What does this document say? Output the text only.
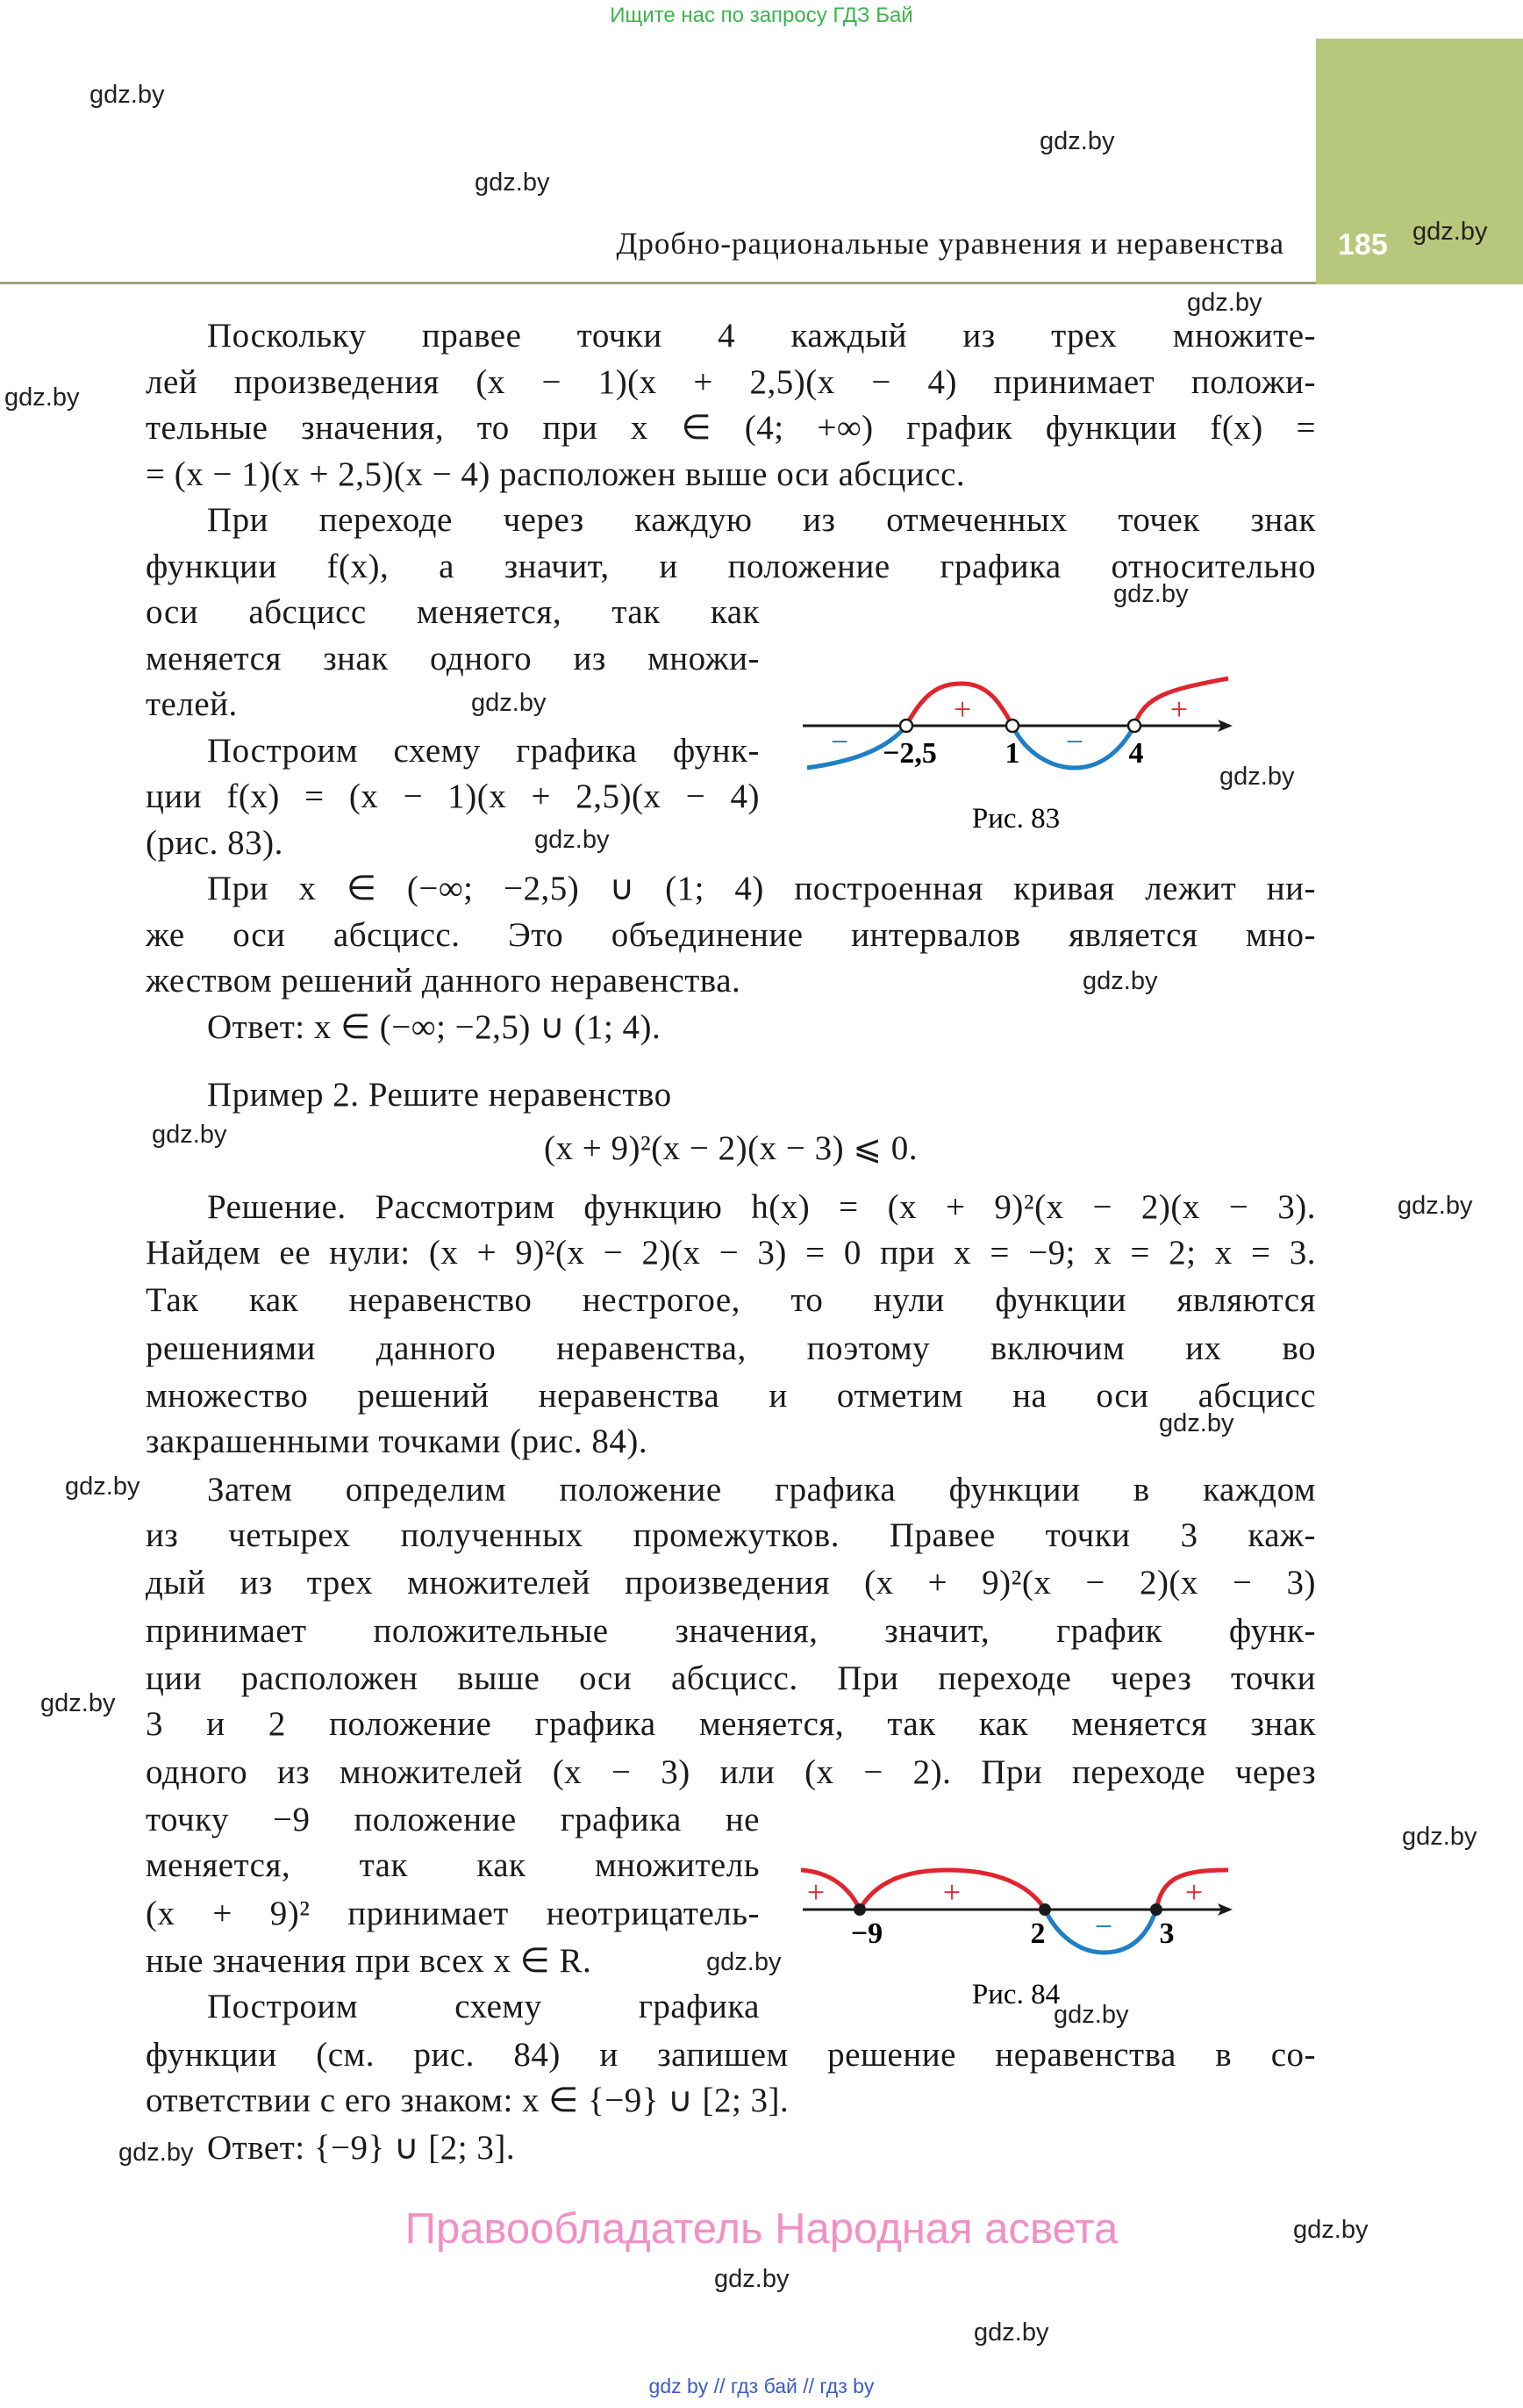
Ищите нас по запросу ГДЗ Бай
185
Дробно-рациональные уравнения и неравенства
Поскольку правее точки 4 каждый из трех множите-
лей произведения (x − 1)(x + 2,5)(x − 4) принимает положи-
тельные значения, то при x ∈ (4; +∞) график функции f(x) =
= (x − 1)(x + 2,5)(x − 4) расположен выше оси абсцисс.
При переходе через каждую из отмеченных точек знак
функции f(x), а значит, и положение графика относительно
оси абсцисс меняется, так как
меняется знак одного из множи-
телей.
Построим схему графика функ-
ции f(x) = (x − 1)(x + 2,5)(x − 4)
(рис. 83).
При x ∈ (−∞; −2,5) ∪ (1; 4) построенная кривая лежит ни-
же оси абсцисс. Это объединение интервалов является мно-
жеством решений данного неравенства.
Ответ: x ∈ (−∞; −2,5) ∪ (1; 4).
Пример 2. Решите неравенство
(x + 9)²(x − 2)(x − 3) ⩽ 0.
Решение. Рассмотрим функцию h(x) = (x + 9)²(x − 2)(x − 3).
Найдем ее нули: (x + 9)²(x − 2)(x − 3) = 0 при x = −9; x = 2; x = 3.
Так как неравенство нестрогое, то нули функции являются
решениями данного неравенства, поэтому включим их во
множество решений неравенства и отметим на оси абсцисс
закрашенными точками (рис. 84).
Затем определим положение графика функции в каждом
из четырех полученных промежутков. Правее точки 3 каж-
дый из трех множителей произведения (x + 9)²(x − 2)(x − 3)
принимает положительные значения, значит, график функ-
ции расположен выше оси абсцисс. При переходе через точки
3 и 2 положение графика меняется, так как меняется знак
одного из множителей (x − 3) или (x − 2). При переходе через
точку −9 положение графика не
меняется, так как множитель
(x + 9)² принимает неотрицатель-
ные значения при всех x ∈ R.
Построим схему графика
функции (см. рис. 84) и запишем решение неравенства в со-
ответствии с его знаком: x ∈ {−9} ∪ [2; 3].
Ответ: {−9} ∪ [2; 3].
gdz.by
gdz.by
gdz.by
gdz.by
gdz.by
gdz.by
gdz.by
gdz.by
gdz.by
gdz.by
gdz.by
gdz.by
gdz.by
gdz.by
gdz.by
gdz.by
gdz.by
gdz.by
gdz.by
gdz.by
gdz.by
gdz.by
gdz.by
−2,5 1	4
−
+
−
+
Рис. 83
−9	2	3
+	+
−
+
Рис. 84
Правообладатель Народная асвета
gdz by // гдз бай // гдз by
